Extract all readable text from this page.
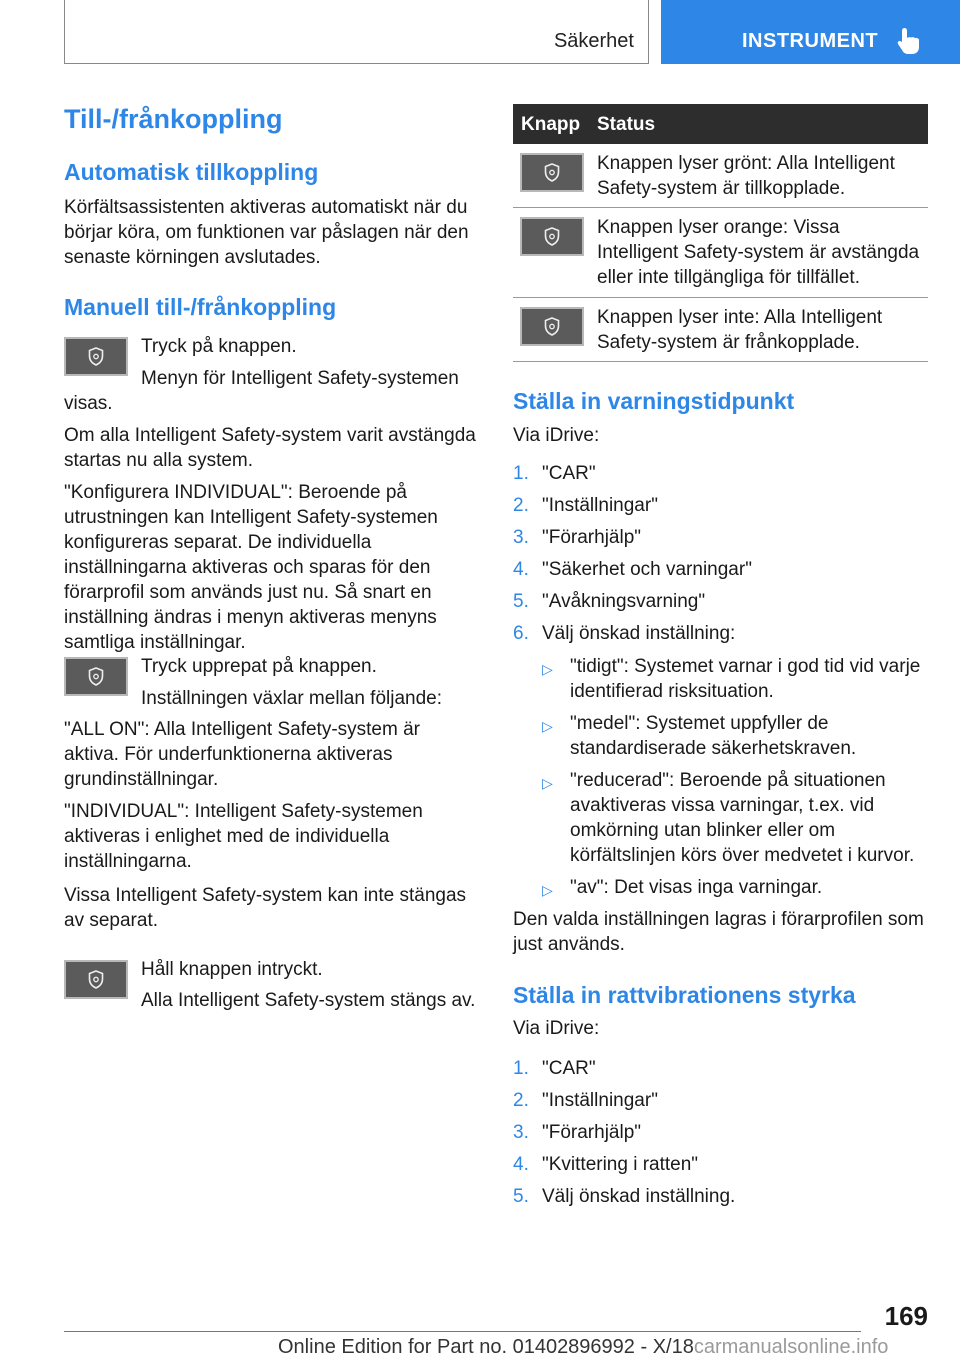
Säkerhet	INSTRUMENT
Till-/frånkoppling
Automatisk tillkoppling
Körfältsassistenten aktiveras automatiskt när du börjar köra, om funktionen var påslagen när den senaste körningen avslutades.
Manuell till-/frånkoppling
Tryck på knappen.
Menyn för Intelligent Safety-systemen visas.
Om alla Intelligent Safety-system varit avstängda startas nu alla system.
"Konfigurera INDIVIDUAL": Beroende på utrustningen kan Intelligent Safety-systemen konfigureras separat. De individuella inställningarna aktiveras och sparas för den förarprofil som används just nu. Så snart en inställning ändras i menyn aktiveras menyns samtliga inställningar.
Tryck upprepat på knappen.
Inställningen växlar mellan följande:
"ALL ON": Alla Intelligent Safety-system är aktiva. För underfunktionerna aktiveras grundinställningar.
"INDIVIDUAL": Intelligent Safety-systemen aktiveras i enlighet med de individuella inställningarna.
Vissa Intelligent Safety-system kan inte stängas av separat.
Håll knappen intryckt.
Alla Intelligent Safety-system stängs av.
Knapp Status
Knappen lyser grönt: Alla Intelligent Safety-system är tillkopplade.
Knappen lyser orange: Vissa Intelligent Safety-system är avstängda eller inte tillgängliga för tillfället.
Knappen lyser inte: Alla Intelligent Safety-system är frånkopplade.
Ställa in varningstidpunkt
Via iDrive:
1. "CAR"
2. "Inställningar"
3. "Förarhjälp"
4. "Säkerhet och varningar"
5. "Avåkningsvarning"
6. Välj önskad inställning:
▷ "tidigt": Systemet varnar i god tid vid varje identifierad risksituation.
▷ "medel": Systemet uppfyller de standardiserade säkerhetskraven.
▷ "reducerad": Beroende på situationen avaktiveras vissa varningar, t.ex. vid omkörning utan blinker eller om körfältslinjen körs över medvetet i kurvor.
▷ "av": Det visas inga varningar.
Den valda inställningen lagras i förarprofilen som just används.
Ställa in rattvibrationens styrka
Via iDrive:
1. "CAR"
2. "Inställningar"
3. "Förarhjälp"
4. "Kvittering i ratten"
5. Välj önskad inställning.
169
Online Edition for Part no. 01402896992 - X/18carmanualsonline.info
